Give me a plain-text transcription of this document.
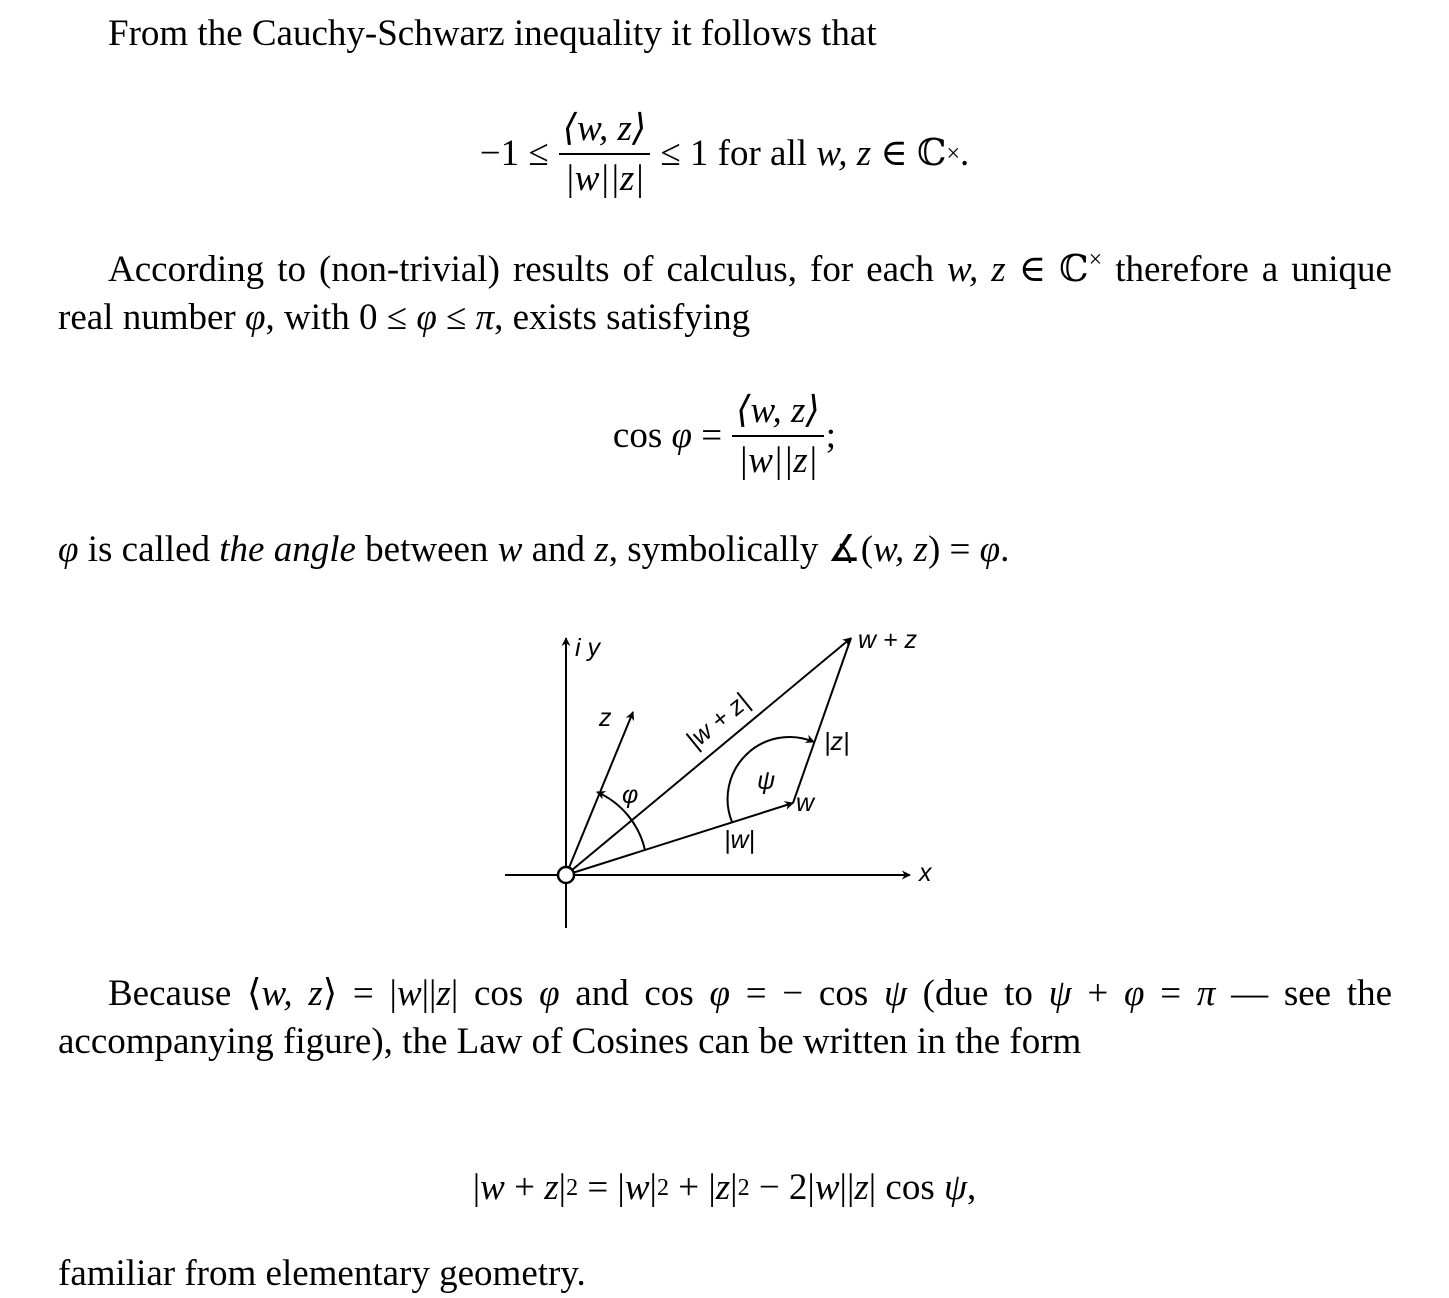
From the Cauchy-Schwarz inequality it follows that

$-1 \le \frac{⟨w, z⟩}{|w||z|} \le 1$ for all w, z ∈ ℂ × .

According to (non-trivial) results of calculus, for each w, z ∈ ℂ× therefore a unique real number φ, with 0 ≤ φ ≤ π, exists satisfying

$\cos \varphi = \frac{⟨w, z⟩}{|w||z|}$ ;

φ is called the angle between w and z, symbolically ∡(w, z) = φ.

i y
x
z
w + z
w
|z|
|w|
|w + z|
φ	ψ

Because ⟨w, z⟩ = |w||z| cos φ and cos φ = − cos ψ (due to ψ + φ = π — see the accompanying figure), the Law of Cosines can be written in the form

| w + z | 2 = | w | 2 + | z | 2 − 2| w || z | cos ψ ,

familiar from elementary geometry.
